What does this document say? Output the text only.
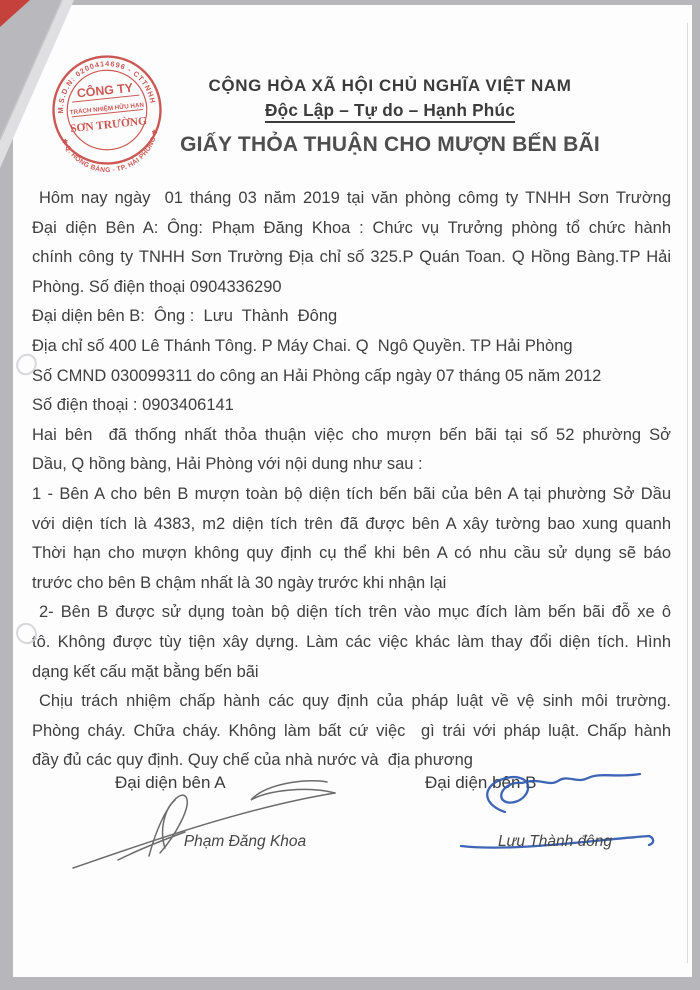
CỘNG HÒA XÃ HỘI CHỦ NGHĨA VIỆT NAM
Độc Lập – Tự do – Hạnh Phúc
GIẤY THỎA THUẬN CHO MƯỢN BẾN BÃI
M.S.D.N: 0200414696 - CTTNHH
✱ Q. HỒNG BÀNG - TP. HẢI PHÒNG ✱
CÔNG TY
TRÁCH NHIỆM HỮU HẠN
SƠN TRƯỜNG
Hôm nay ngày  01 tháng 03 năm 2019 tại văn phòng cômg ty TNHH Sơn Trường
Đại diện Bên A: Ông: Phạm Đăng Khoa : Chức vụ Trưởng phòng tổ chức hành
chính công ty TNHH Sơn Trường Địa chỉ số 325.P Quán Toan. Q Hồng Bàng.TP Hải
Phòng. Số điện thoại 0904336290
Đại diện bên B:  Ông :  Lưu  Thành  Đông
Địa chỉ số 400 Lê Thánh Tông. P Máy Chai. Q  Ngô Quyền. TP Hải Phòng
Số CMND 030099311 do công an Hải Phòng cấp ngày 07 tháng 05 năm 2012
Số điện thoại : 0903406141
Hai bên  đã thống nhất thỏa thuận việc cho mượn bến bãi tại số 52 phường Sở
Dầu, Q hồng bàng, Hải Phòng với nội dung như sau :
1 - Bên A cho bên B mượn toàn bộ diện tích bến bãi của bên A tại phường Sở Dầu
với diện tích là 4383, m2 diện tích trên đã được bên A xây tường bao xung quanh
Thời hạn cho mượn không quy định cụ thể khi bên A có nhu cầu sử dụng sẽ báo
trước cho bên B chậm nhất là 30 ngày trước khi nhận lại
2- Bên B được sử dụng toàn bộ diện tích trên vào mục đích làm bến bãi đỗ xe ô
tô. Không được tùy tiện xây dựng. Làm các việc khác làm thay đổi diện tích. Hình
dạng kết cấu mặt bằng bến bãi
Chịu trách nhiệm chấp hành các quy định của pháp luật về vệ sinh môi trường.
Phòng cháy. Chữa cháy. Không làm bất cứ việc  gì trái với pháp luật. Chấp hành
đầy đủ các quy định. Quy chế của nhà nước và  địa phương
Đại diện bên A	Đại diện bên B
Phạm Đăng Khoa	Lưu Thành đông
